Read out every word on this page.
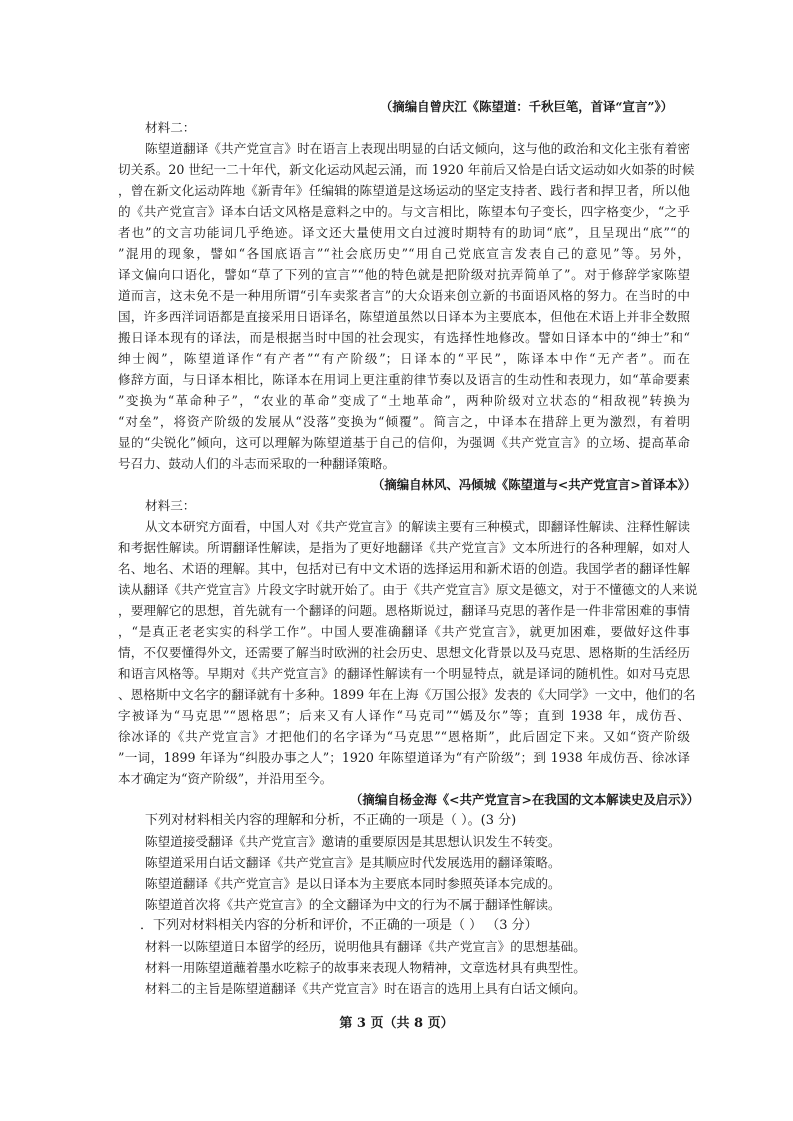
（摘编自曾庆江《陈望道：千秋巨笔，首译“宣言”》）
材料二：
陈望道翻译《共产党宣言》时在语言上表现出明显的白话文倾向，这与他的政治和文化主张有着密
切关系。20 世纪一二十年代，新文化运动风起云涌，而 1920 年前后又恰是白话文运动如火如荼的时候
，曾在新文化运动阵地《新青年》任编辑的陈望道是这场运动的坚定支持者、践行者和捍卫者，所以他
的《共产党宣言》译本白话文风格是意料之中的。与文言相比，陈望本句子变长，四字格变少，“之乎
者也”的文言功能词几乎绝迹。译文还大量使用文白过渡时期特有的助词“底”，且呈现出“底”“的
”混用的现象，譬如“各国底语言”“社会底历史”“用自己党底宣言发表自己的意见”等。另外，
译文偏向口语化，譬如“草了下列的宣言”“他的特色就是把阶级对抗弄简单了”。对于修辞学家陈望
道而言，这未免不是一种用所谓“引车卖浆者言”的大众语来创立新的书面语风格的努力。在当时的中
国，许多西洋词语都是直接采用日语译名，陈望道虽然以日译本为主要底本，但他在术语上并非全数照
搬日译本现有的译法，而是根据当时中国的社会现实，有选择性地修改。譬如日译本中的“绅士”和“
绅士阀”，陈望道译作“有产者”“有产阶级”；日译本的“平民”，陈译本中作“无产者”。而在
修辞方面，与日译本相比，陈译本在用词上更注重韵律节奏以及语言的生动性和表现力，如“革命要素
”变换为“革命种子”，“农业的革命”变成了“土地革命”，两种阶级对立状态的“相敌视”转换为
“对垒”，将资产阶级的发展从“没落”变换为“倾覆”。简言之，中译本在措辞上更为激烈，有着明
显的“尖锐化”倾向，这可以理解为陈望道基于自己的信仰，为强调《共产党宣言》的立场、提高革命
号召力、鼓动人们的斗志而采取的一种翻译策略。
（摘编自林风、冯倾城《陈望道与<共产党宣言>首译本》）
材料三：
从文本研究方面看，中国人对《共产党宣言》的解读主要有三种模式，即翻译性解读、注释性解读
和考据性解读。所谓翻译性解读，是指为了更好地翻译《共产党宣言》文本所进行的各种理解，如对人
名、地名、术语的理解。其中，包括对已有中文术语的选择运用和新术语的创造。我国学者的翻译性解
读从翻译《共产党宣言》片段文字时就开始了。由于《共产党宣言》原文是德文，对于不懂德文的人来说
，要理解它的思想，首先就有一个翻译的问题。恩格斯说过，翻译马克思的著作是一件非常困难的事情
，“是真正老老实实的科学工作”。中国人要准确翻译《共产党宣言》，就更加困难，要做好这件事
情，不仅要懂得外文，还需要了解当时欧洲的社会历史、思想文化背景以及马克思、恩格斯的生活经历
和语言风格等。早期对《共产党宣言》的翻译性解读有一个明显特点，就是译词的随机性。如对马克思
、恩格斯中文名字的翻译就有十多种。1899 年在上海《万国公报》发表的《大同学》一文中，他们的名
字被译为“马克思”“恩格思”；后来又有人译作“马克司”“嫣及尔”等；直到 1938 年，成仿吾、
徐冰译的《共产党宣言》才把他们的名字译为“马克思”“恩格斯”，此后固定下来。又如“资产阶级
”一词，1899 年译为“纠股办事之人”；1920 年陈望道译为“有产阶级”；到 1938 年成仿吾、徐冰译
本才确定为“资产阶级”，并沿用至今。
（摘编自杨金海《<共产党宣言>在我国的文本解读史及启示》）
下列对材料相关内容的理解和分析，不正确的一项是（ ）。(3 分)
陈望道接受翻译《共产党宣言》邀请的重要原因是其思想认识发生不转变。
陈望道采用白话文翻译《共产党宣言》是其顺应时代发展选用的翻译策略。
陈望道翻译《共产党宣言》是以日译本为主要底本同时参照英译本完成的。
陈望道首次将《共产党宣言》的全文翻译为中文的行为不属于翻译性解读。
．下列对材料相关内容的分析和评价，不正确的一项是（ ） （3 分）
材料一以陈望道日本留学的经历，说明他具有翻译《共产党宣言》的思想基础。
材料一用陈望道蘸着墨水吃粽子的故事来表现人物精神，文章选材具有典型性。
材料二的主旨是陈望道翻译《共产党宣言》时在语言的选用上具有白话文倾向。
第 3 页（共 8 页）
